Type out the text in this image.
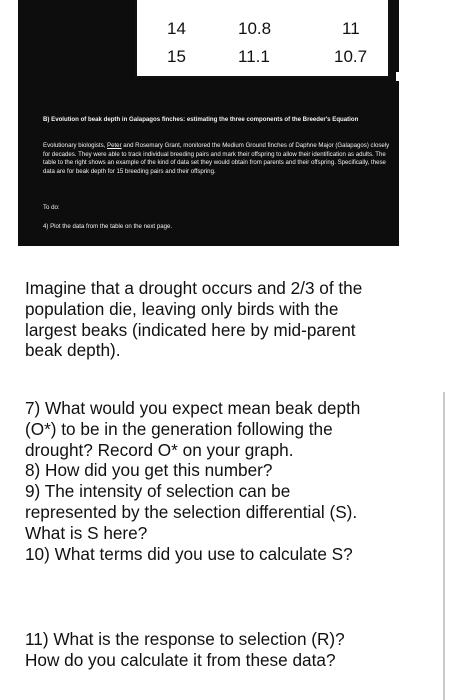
14	10.8	11
15	11.1	10.7
B) Evolution of beak depth in Galapagos finches: estimating the three components of the Breeder's Equation
Evolutionary biologists, Peter and Rosemary Grant, monitored the Medium Ground finches of Daphne Major (Galapagos) closely for decades. They were able to track individual breeding pairs and mark their offspring to allow their identification as adults. The table to the right shows an example of the kind of data set they would obtain from parents and their offspring. Specifically, these data are for beak depth for 15 breeding pairs and their offspring.
To do:
4) Plot the data from the table on the next page.
Imagine that a drought occurs and 2/3 of the
population die, leaving only birds with the
largest beaks (indicated here by mid-parent
beak depth).
7) What would you expect mean beak depth
(O*) to be in the generation following the
drought? Record O* on your graph.
8) How did you get this number?
9) The intensity of selection can be
represented by the selection differential (S).
What is S here?
10) What terms did you use to calculate S?
11) What is the response to selection (R)?
How do you calculate it from these data?
